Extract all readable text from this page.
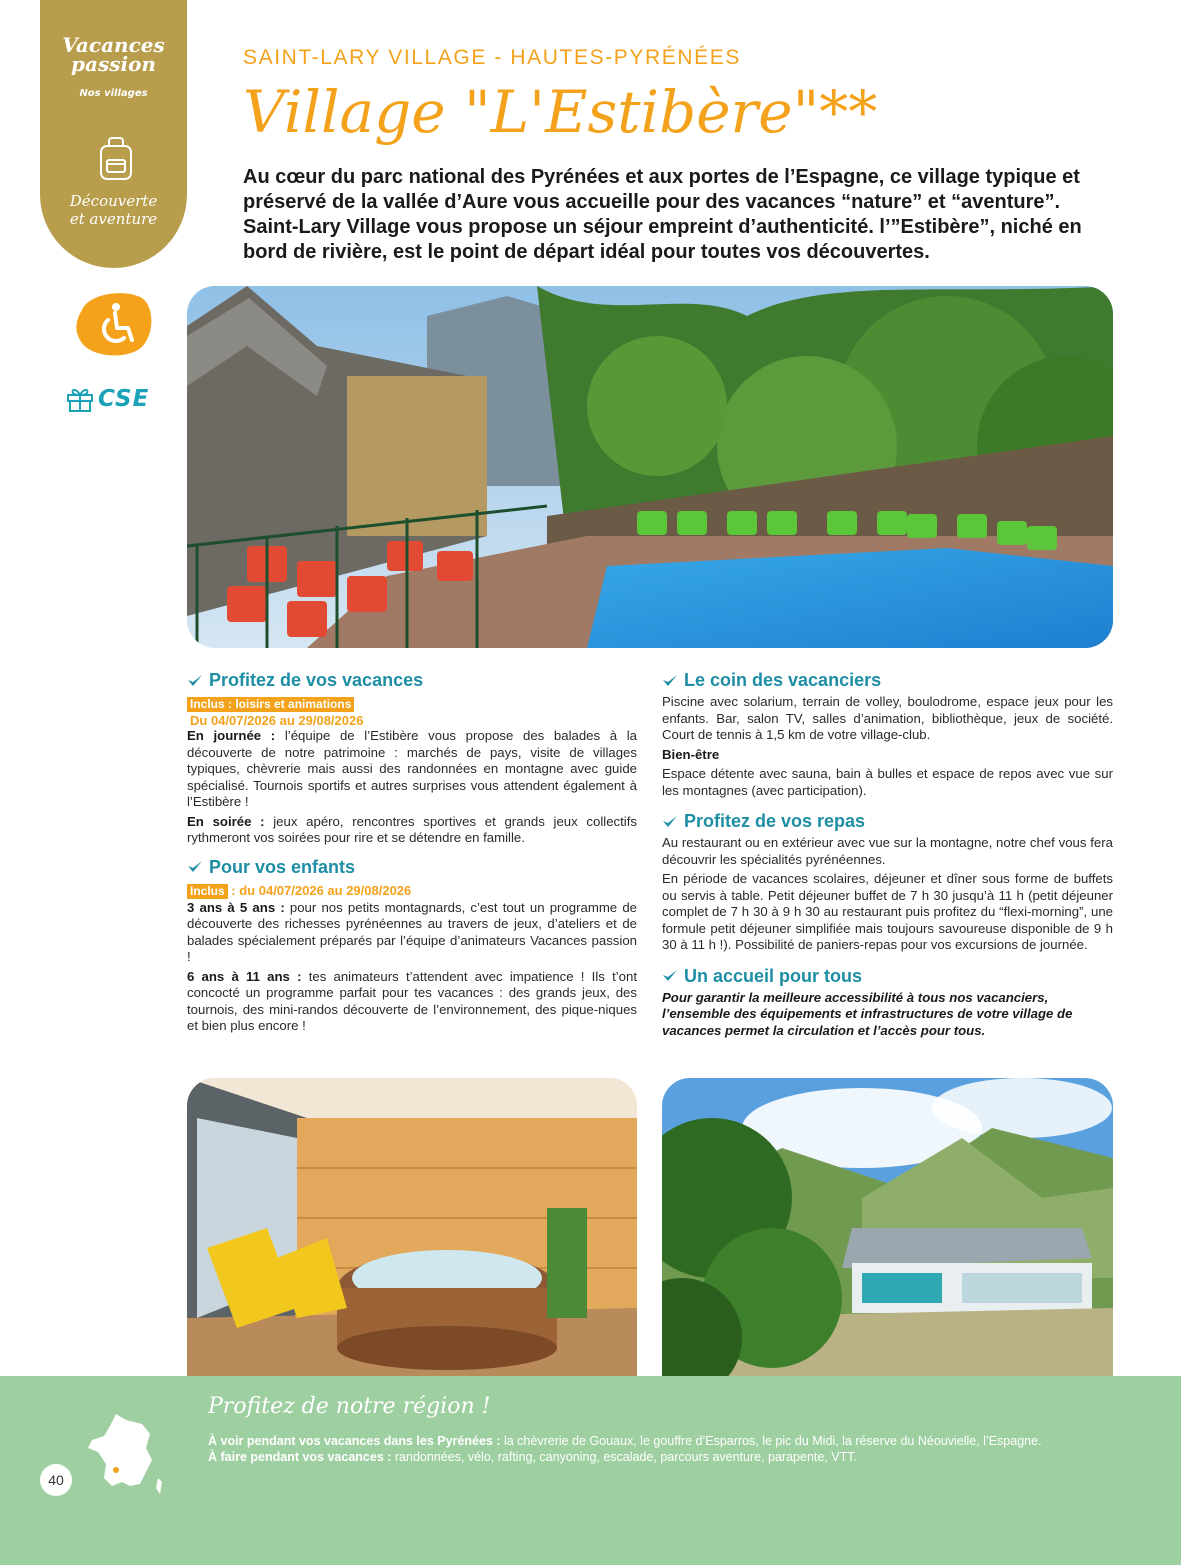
Vacances
passion
Nos villages
Découverte
et aventure
CSE
SAINT-LARY VILLAGE - HAUTES-PYRÉNÉES
Village "L'Estibère"**
Au cœur du parc national des Pyrénées et aux portes de l’Espagne, ce village typique et préservé de la vallée d’Aure vous accueille pour des vacances “nature” et “aventure”. Saint-Lary Village vous propose un séjour empreint d’authenticité. l’”Estibère”, niché en bord de rivière, est le point de départ idéal pour toutes vos découvertes.
Profitez de vos vacances
Inclus : loisirs et animations
Du 04/07/2026 au 29/08/2026

En journée : l’équipe de l’Estibère vous propose des balades à la découverte de notre patrimoine : marchés de pays, visite de villages typiques, chèvrerie mais aussi des randonnées en montagne avec guide spécialisé. Tournois sportifs et autres surprises vous attendent également à l’Estibère !

En soirée : jeux apéro, rencontres sportives et grands jeux collectifs rythmeront vos soirées pour rire et se détendre en famille.

Pour vos enfants
Inclus : du 04/07/2026 au 29/08/2026

3 ans à 5 ans : pour nos petits montagnards, c’est tout un programme de découverte des richesses pyrénéennes au travers de jeux, d’ateliers et de balades spécialement préparés par l’équipe d’animateurs Vacances passion !

6 ans à 11 ans : tes animateurs t’attendent avec impatience ! Ils t’ont concocté un programme parfait pour tes vacances : des grands jeux, des tournois, des mini-randos découverte de l’environnement, des pique-niques et bien plus encore !

Le coin des vacanciers

Piscine avec solarium, terrain de volley, boulodrome, espace jeux pour les enfants. Bar, salon TV, salles d’animation, bibliothèque, jeux de société. Court de tennis à 1,5 km de votre village-club.

Bien-être

Espace détente avec sauna, bain à bulles et espace de repos avec vue sur les montagnes (avec participation).

Profitez de vos repas

Au restaurant ou en extérieur avec vue sur la montagne, notre chef vous fera découvrir les spécialités pyrénéennes.

En période de vacances scolaires, déjeuner et dîner sous forme de buffets ou servis à table. Petit déjeuner buffet de 7 h 30 jusqu’à 11 h (petit déjeuner complet de 7 h 30 à 9 h 30 au restaurant puis profitez du “flexi-morning”, une formule petit déjeuner simplifiée mais toujours savoureuse disponible de 9 h 30 à 11 h !). Possibilité de paniers-repas pour vos excursions de journée.

Un accueil pour tous

Pour garantir la meilleure accessibilité à tous nos vacanciers, l’ensemble des équipements et infrastructures de votre village de vacances permet la circulation et l’accès pour tous.

Profitez de notre région !
À voir pendant vos vacances dans les Pyrénées : la chèvrerie de Gouaux, le gouffre d’Esparros, le pic du Midi, la réserve du Néouvielle, l’Espagne.
À faire pendant vos vacances : randonnées, vélo, rafting, canyoning, escalade, parcours aventure, parapente, VTT.
40
